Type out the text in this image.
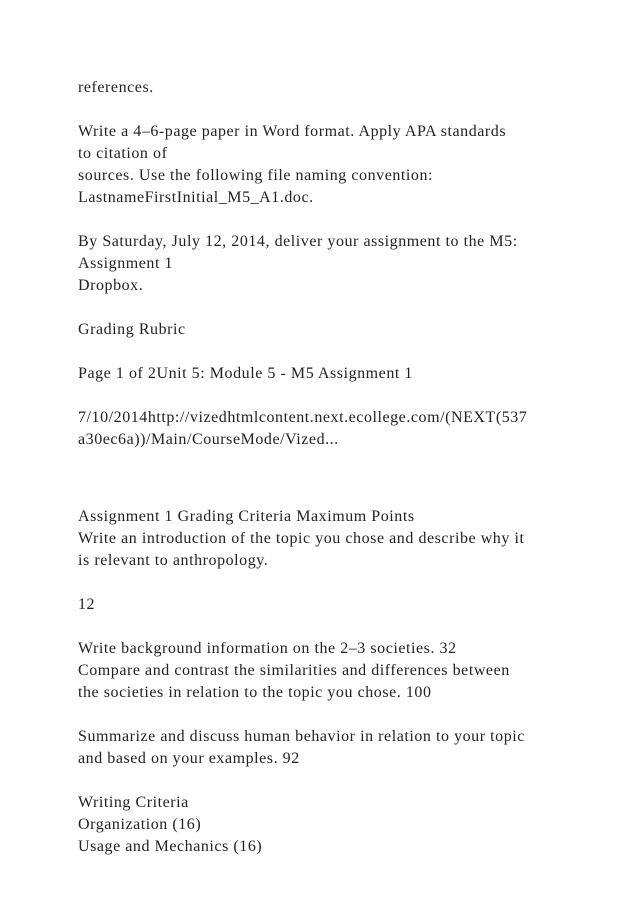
references.

Write a 4–6-page paper in Word format. Apply APA standards

to citation of

sources. Use the following file naming convention:

LastnameFirstInitial_M5_A1.doc.

By Saturday, July 12, 2014, deliver your assignment to the M5:

Assignment 1

Dropbox.

Grading Rubric

Page 1 of 2Unit 5: Module 5 - M5 Assignment 1

7/10/2014http://vizedhtmlcontent.next.ecollege.com/(NEXT(537

a30ec6a))/Main/CourseMode/Vized...

Assignment 1 Grading Criteria Maximum Points

Write an introduction of the topic you chose and describe why it

is relevant to anthropology.

12

Write background information on the 2–3 societies. 32

Compare and contrast the similarities and differences between

the societies in relation to the topic you chose. 100

Summarize and discuss human behavior in relation to your topic

and based on your examples. 92

Writing Criteria

Organization (16)

Usage and Mechanics (16)
